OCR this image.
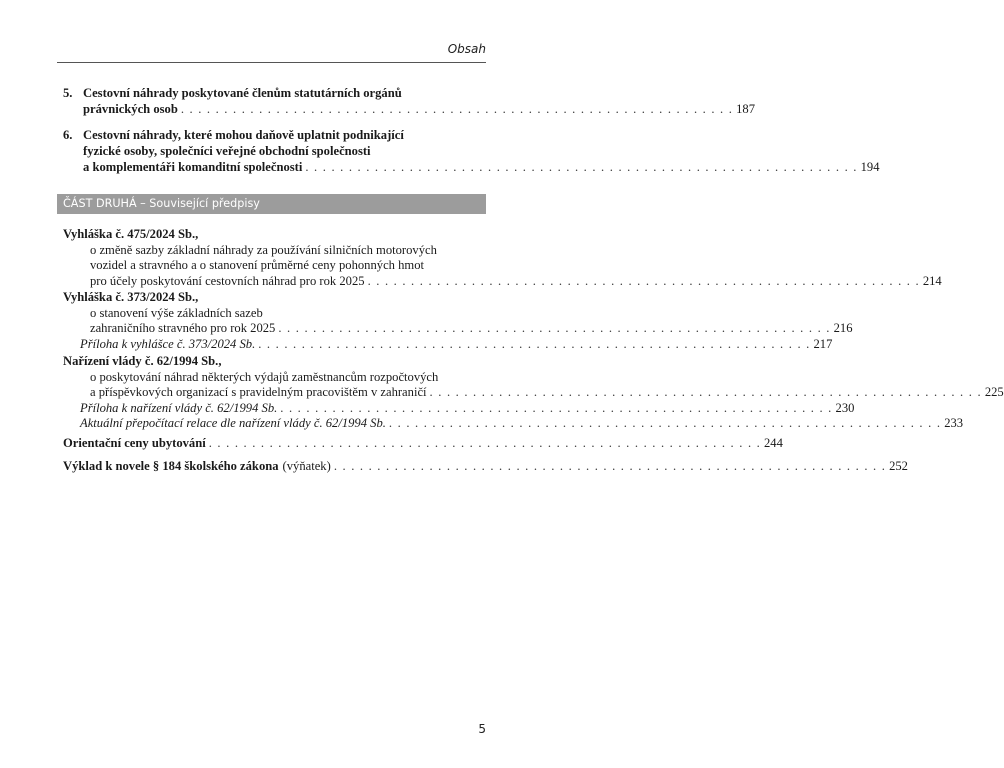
Obsah
5. Cestovní náhrady poskytované členům statutárních orgánů
právnických osob . . . . . . . . . . . . . . . . . . . . . . . . . . . . . . . . . . . . . . . . . . . . . . . . . . . . . . . . . . . . . . . . 187
6. Cestovní náhrady, které mohou daňově uplatnit podnikající
fyzické osoby, společníci veřejné obchodní společnosti
a komplementáři komanditní společnosti . . . . . . . . . . . . . . . . . . . . . . . . . . . . . . . . . . . . . . . . . . . . . . . . . . . . . . . . . . . . . . . . 194
ČÁST DRUHÁ – Související předpisy
Vyhláška č. 475/2024 Sb.,
o změně sazby základní náhrady za používání silničních motorových
vozidel a stravného a o stanovení průměrné ceny pohonných hmot
pro účely poskytování cestovních náhrad pro rok 2025 . . . . . . . . . . . . . . . . . . . . . . . . . . . . . . . . . . . . . . . . . . . . . . . . . . . . . . . . . . . . . . . . 214
Vyhláška č. 373/2024 Sb.,
o stanovení výše základních sazeb
zahraničního stravného pro rok 2025 . . . . . . . . . . . . . . . . . . . . . . . . . . . . . . . . . . . . . . . . . . . . . . . . . . . . . . . . . . . . . . . . 216
Příloha k vyhlášce č. 373/2024 Sb. . . . . . . . . . . . . . . . . . . . . . . . . . . . . . . . . . . . . . . . . . . . . . . . . . . . . . . . . . . . . . . . . 217
Nařízení vlády č. 62/1994 Sb.,
o poskytování náhrad některých výdajů zaměstnancům rozpočtových
a příspěvkových organizací s pravidelným pracovištěm v zahraničí . . . . . . . . . . . . . . . . . . . . . . . . . . . . . . . . . . . . . . . . . . . . . . . . . . . . . . . . . . . . . . . . 225
Příloha k nařízení vlády č. 62/1994 Sb. . . . . . . . . . . . . . . . . . . . . . . . . . . . . . . . . . . . . . . . . . . . . . . . . . . . . . . . . . . . . . . . . 230
Aktuální přepočítací relace dle nařízení vlády č. 62/1994 Sb. . . . . . . . . . . . . . . . . . . . . . . . . . . . . . . . . . . . . . . . . . . . . . . . . . . . . . . . . . . . . . . . . 233
Orientační ceny ubytování . . . . . . . . . . . . . . . . . . . . . . . . . . . . . . . . . . . . . . . . . . . . . . . . . . . . . . . . . . . . . . . . 244
Výklad k novele § 184 školského zákona (výňatek) . . . . . . . . . . . . . . . . . . . . . . . . . . . . . . . . . . . . . . . . . . . . . . . . . . . . . . . . . . . . . . . . 252
5
